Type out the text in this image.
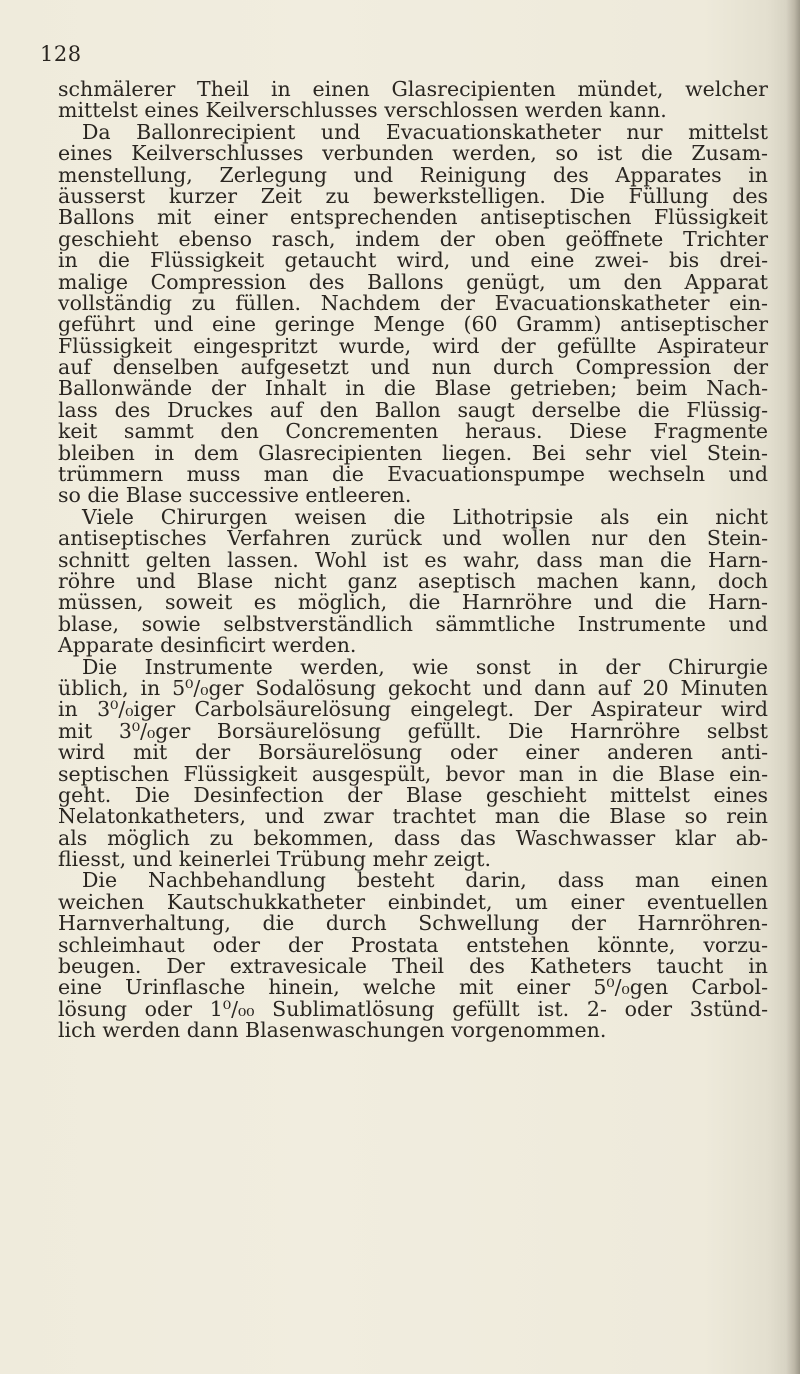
128
schmälerer Theil in einen Glasrecipienten mündet, welcher
mittelst eines Keilverschlusses verschlossen werden kann.
Da Ballonrecipient und Evacuationskatheter nur mittelst
eines Keilverschlusses verbunden werden, so ist die Zusam-
menstellung, Zerlegung und Reinigung des Apparates in
äusserst kurzer Zeit zu bewerkstelligen. Die Füllung des
Ballons mit einer entsprechenden antiseptischen Flüssigkeit
geschieht ebenso rasch, indem der oben geöffnete Trichter
in die Flüssigkeit getaucht wird, und eine zwei- bis drei-
malige Compression des Ballons genügt, um den Apparat
vollständig zu füllen. Nachdem der Evacuationskatheter ein-
geführt und eine geringe Menge (60 Gramm) antiseptischer
Flüssigkeit eingespritzt wurde, wird der gefüllte Aspirateur
auf denselben aufgesetzt und nun durch Compression der
Ballonwände der Inhalt in die Blase getrieben; beim Nach-
lass des Druckes auf den Ballon saugt derselbe die Flüssig-
keit sammt den Concrementen heraus. Diese Fragmente
bleiben in dem Glasrecipienten liegen. Bei sehr viel Stein-
trümmern muss man die Evacuationspumpe wechseln und
so die Blase successive entleeren.
Viele Chirurgen weisen die Lithotripsie als ein nicht
antiseptisches Verfahren zurück und wollen nur den Stein-
schnitt gelten lassen. Wohl ist es wahr, dass man die Harn-
röhre und Blase nicht ganz aseptisch machen kann, doch
müssen, soweit es möglich, die Harnröhre und die Harn-
blase, sowie selbstverständlich sämmtliche Instrumente und
Apparate desinficirt werden.
Die Instrumente werden, wie sonst in der Chirurgie
üblich, in 5⁰/₀ger Sodalösung gekocht und dann auf 20 Minuten
in 3⁰/₀iger Carbolsäurelösung eingelegt. Der Aspirateur wird
mit 3⁰/₀ger Borsäurelösung gefüllt. Die Harnröhre selbst
wird mit der Borsäurelösung oder einer anderen anti-
septischen Flüssigkeit ausgespült, bevor man in die Blase ein-
geht. Die Desinfection der Blase geschieht mittelst eines
Nelatonkatheters, und zwar trachtet man die Blase so rein
als möglich zu bekommen, dass das Waschwasser klar ab-
fliesst, und keinerlei Trübung mehr zeigt.
Die Nachbehandlung besteht darin, dass man einen
weichen Kautschukkatheter einbindet, um einer eventuellen
Harnverhaltung, die durch Schwellung der Harnröhren-
schleimhaut oder der Prostata entstehen könnte, vorzu-
beugen. Der extravesicale Theil des Katheters taucht in
eine Urinflasche hinein, welche mit einer 5⁰/₀gen Carbol-
lösung oder 1⁰/₀₀ Sublimatlösung gefüllt ist. 2- oder 3stünd-
lich werden dann Blasenwaschungen vorgenommen.
